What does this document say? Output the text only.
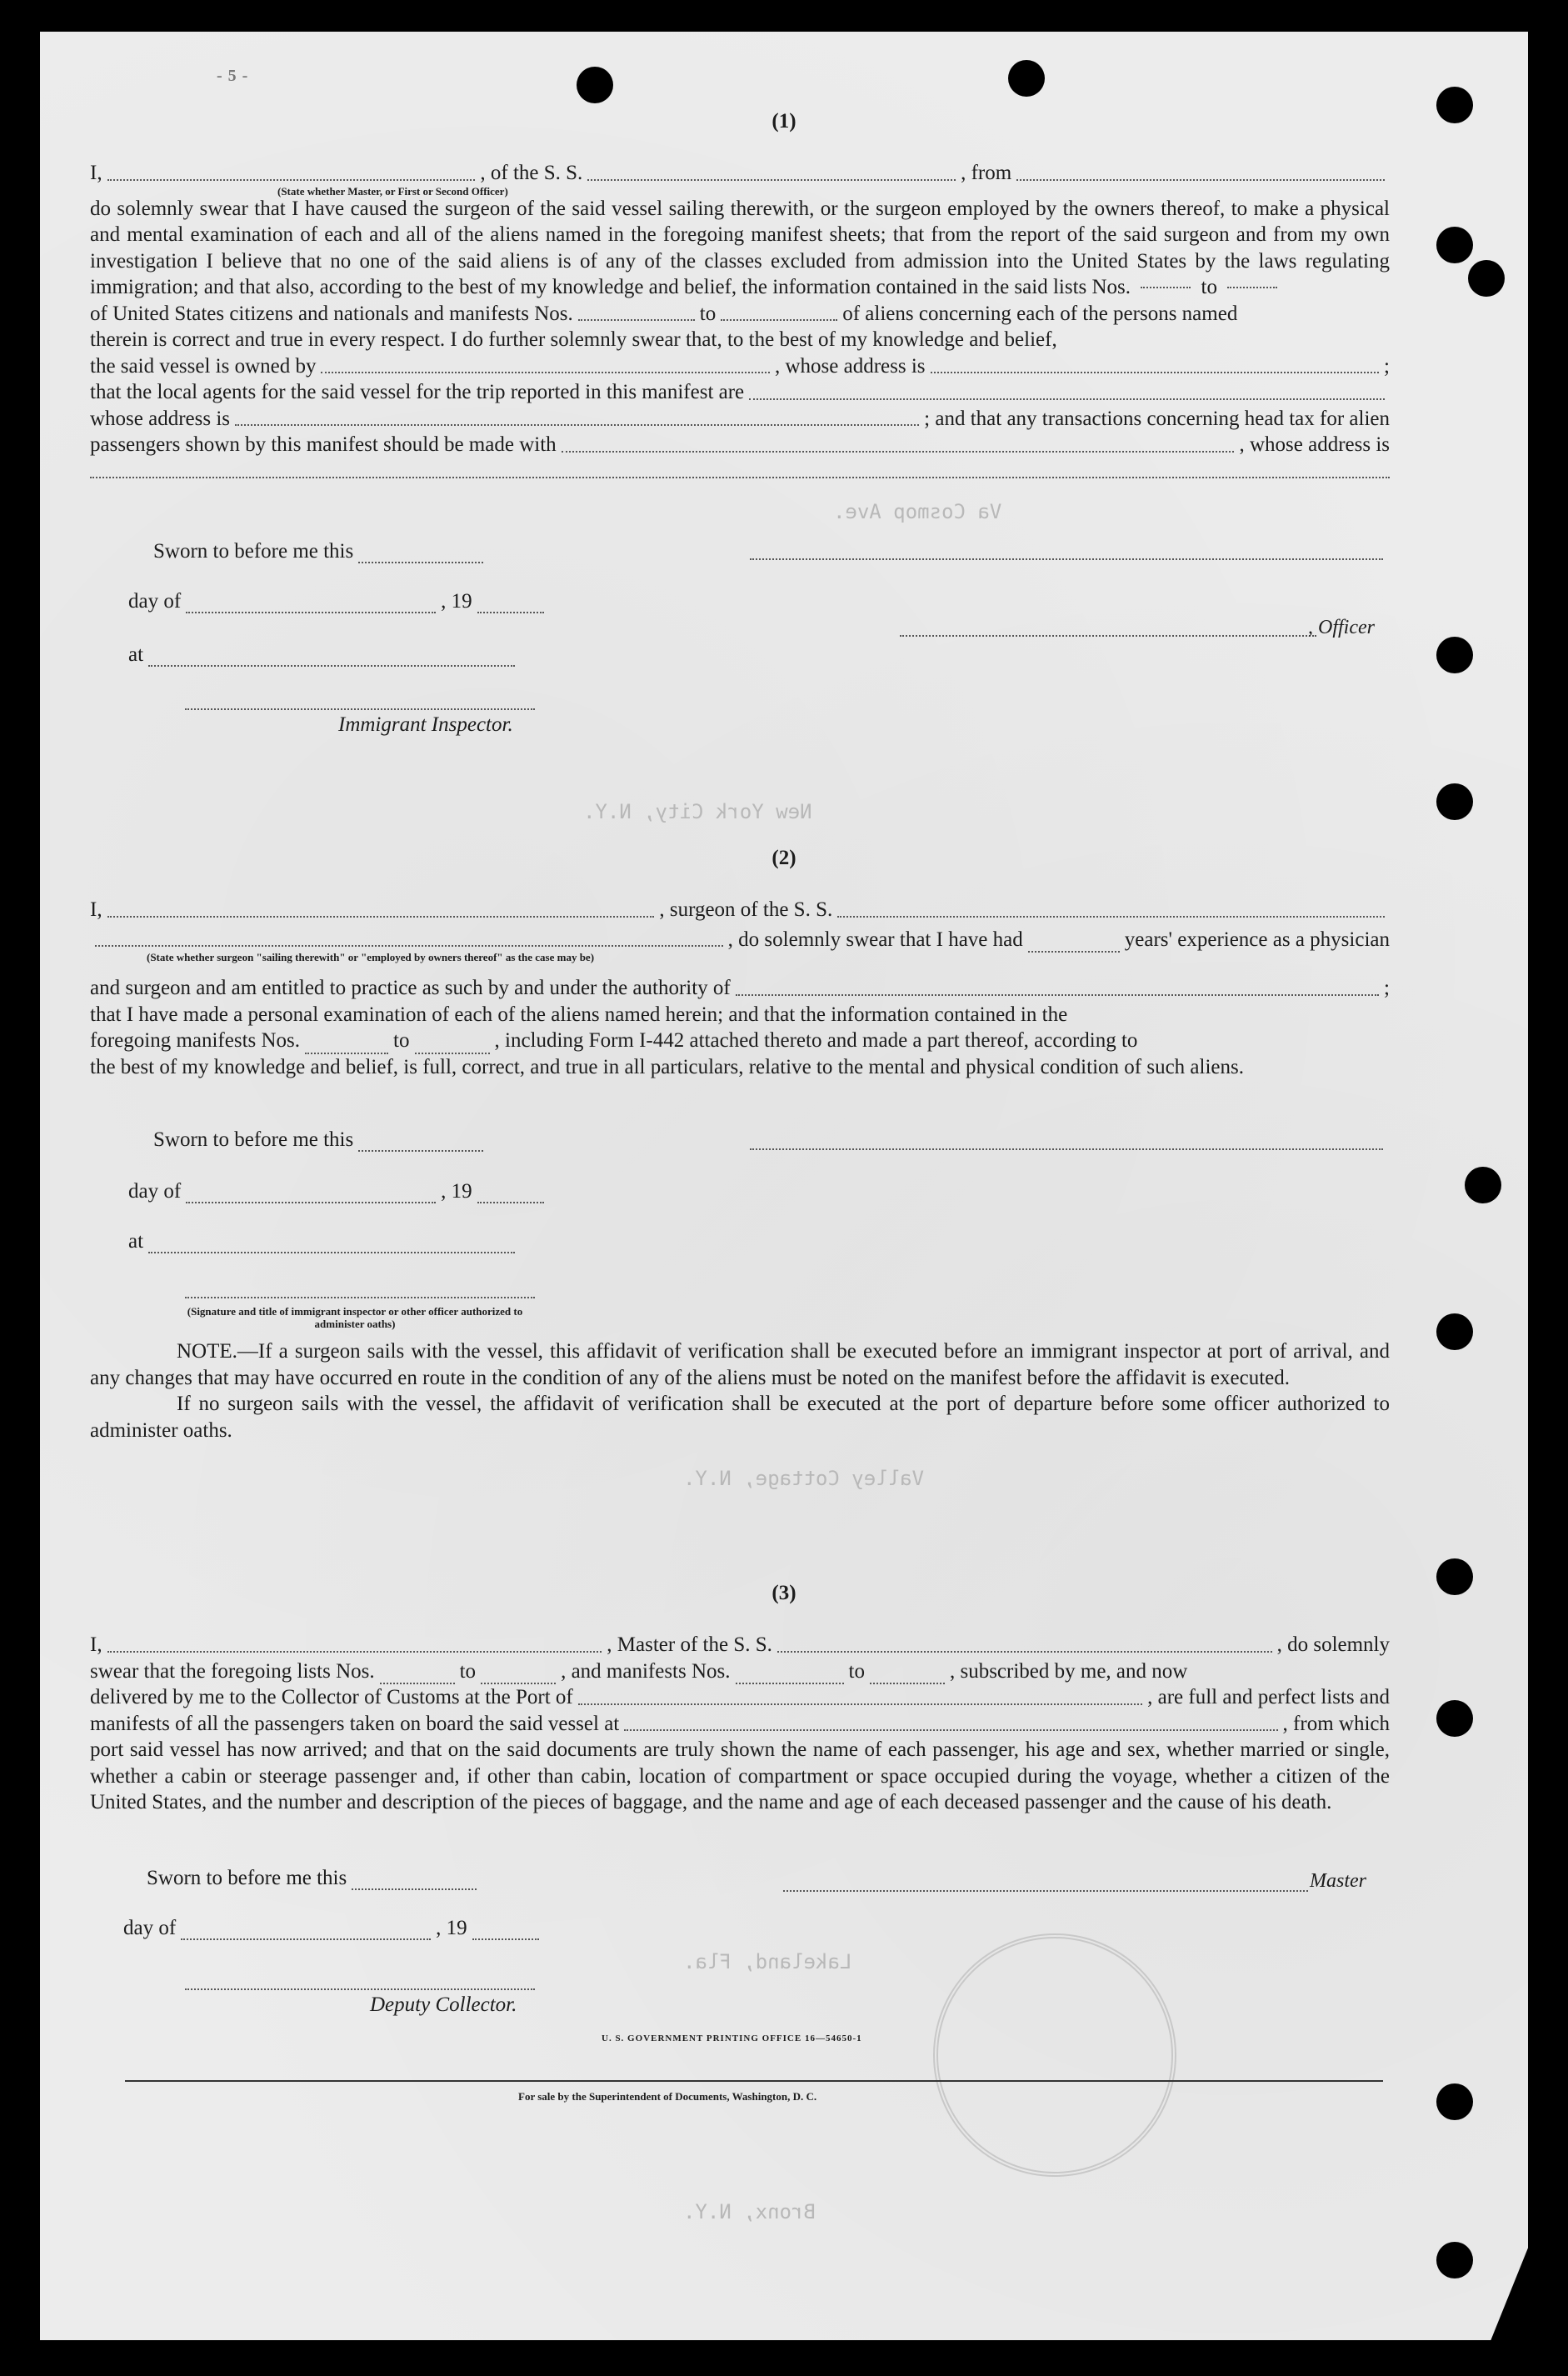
Va Cosmop Ave.
New York City, N.Y.
Valley Cottage, N.Y.
Lakeland, Fla.
Bronx, N.Y.
- 5 -
(1)
I,	, of the S. S.	, from
(State whether Master, or First or Second Officer)

do solemnly swear that I have caused the surgeon of the said vessel sailing therewith, or the surgeon employed by the owners thereof, to make a physical and mental examination of each and all of the aliens named in the foregoing manifest sheets; that from the report of the said surgeon and from my own investigation I believe that no one of the said aliens is of any of the classes excluded from admission into the United States by the laws regulating immigration; and that also, according to the best of my knowledge and belief, the information contained in the said lists Nos.	to

of United States citizens and nationals and manifests Nos.	to	of aliens concerning each of the persons named

therein is correct and true in every respect. I do further solemnly swear that, to the best of my knowledge and belief,

the said vessel is owned by	, whose address is	;
that the local agents for the said vessel for the trip reported in this manifest are
whose address is	; and that any transactions concerning head tax for alien
passengers shown by this manifest should be made with	, whose address is
Sworn to before me this
day of	, 19
, Officer
at
Immigrant Inspector.
(2)
I,	, surgeon of the S. S.
, do solemnly swear that I have had	years' experience as a physician
(State whether surgeon "sailing therewith" or "employed by owners thereof" as the case may be)
and surgeon and am entitled to practice as such by and under the authority of	;

that I have made a personal examination of each of the aliens named herein; and that the information contained in the

foregoing manifests Nos.	to	, including Form I-442 attached thereto and made a part thereof, according to

the best of my knowledge and belief, is full, correct, and true in all particulars, relative to the mental and physical condition of such aliens.

Sworn to before me this
day of	, 19
at
(Signature and title of immigrant inspector or other officer authorized to administer oaths)

NOTE.—If a surgeon sails with the vessel, this affidavit of verification shall be executed before an immigrant inspector at port of arrival, and any changes that may have occurred en route in the condition of any of the aliens must be noted on the manifest before the affidavit is executed.

If no surgeon sails with the vessel, the affidavit of verification shall be executed at the port of departure before some officer authorized to administer oaths.

(3)
I,	, Master of the S. S.	, do solemnly
swear that the foregoing lists Nos.	to	, and manifests Nos.	to	, subscribed by me, and now
delivered by me to the Collector of Customs at the Port of	, are full and perfect lists and
manifests of all the passengers taken on board the said vessel at	, from which

port said vessel has now arrived; and that on the said documents are truly shown the name of each passenger, his age and sex, whether married or single, whether a cabin or steerage passenger and, if other than cabin, location of compartment or space occupied during the voyage, whether a citizen of the United States, and the number and description of the pieces of baggage, and the name and age of each deceased passenger and the cause of his death.

Sworn to before me this	Master
day of	, 19
Deputy Collector.
U. S. GOVERNMENT PRINTING OFFICE 16—54650-1
For sale by the Superintendent of Documents, Washington, D. C.
